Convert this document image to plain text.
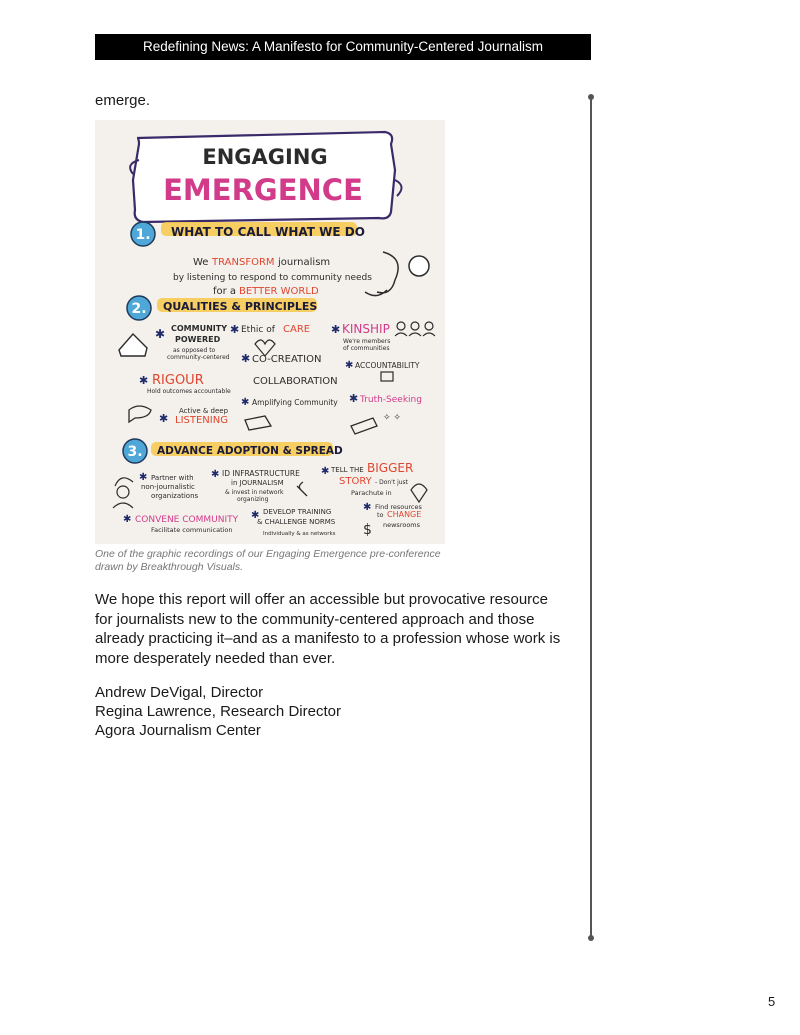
Redefining News: A Manifesto for Community-Centered Journalism
emerge.
ENGAGING
EMERGENCE
1. WHAT TO CALL WHAT WE DO
We TRANSFORM journalism
by listening to respond to community needs
for a BETTER WORLD
2. QUALITIES & PRINCIPLES
✱ COMMUNITY
POWERED
as opposed to
community-centered
✱ Ethic of CARE ✱ KINSHIP
We're members
of communities
✱ CO-CREATION
✱ ACCOUNTABILITY
✱ RIGOUR
Hold outcomes accountable
COLLABORATION
✱ Amplifying Community ✱ Truth-Seeking
✱
Active & deep
LISTENING	✧ ✧
3. ADVANCE ADOPTION & SPREAD
✱ Partner with
non-journalistic
organizations
✱ ID INFRASTRUCTURE
in JOURNALISM
& invest in network
organizing
✱ TELL THE BIGGER
STORY - Don't just
Parachute in
✱ CONVENE COMMUNITY
Facilitate communication
✱ DEVELOP TRAINING
& CHALLENGE NORMS
Individually & as networks
✱ Find resources
to CHANGE
newsrooms
$
One of the graphic recordings of our Engaging Emergence pre-conference drawn by Breakthrough Visuals.
We hope this report will offer an accessible but provocative resource for journalists new to the community-centered approach and those already practicing it–and as a manifesto to a profession whose work is more desperately needed than ever.
Andrew DeVigal, Director
Regina Lawrence, Research Director
Agora Journalism Center
5
